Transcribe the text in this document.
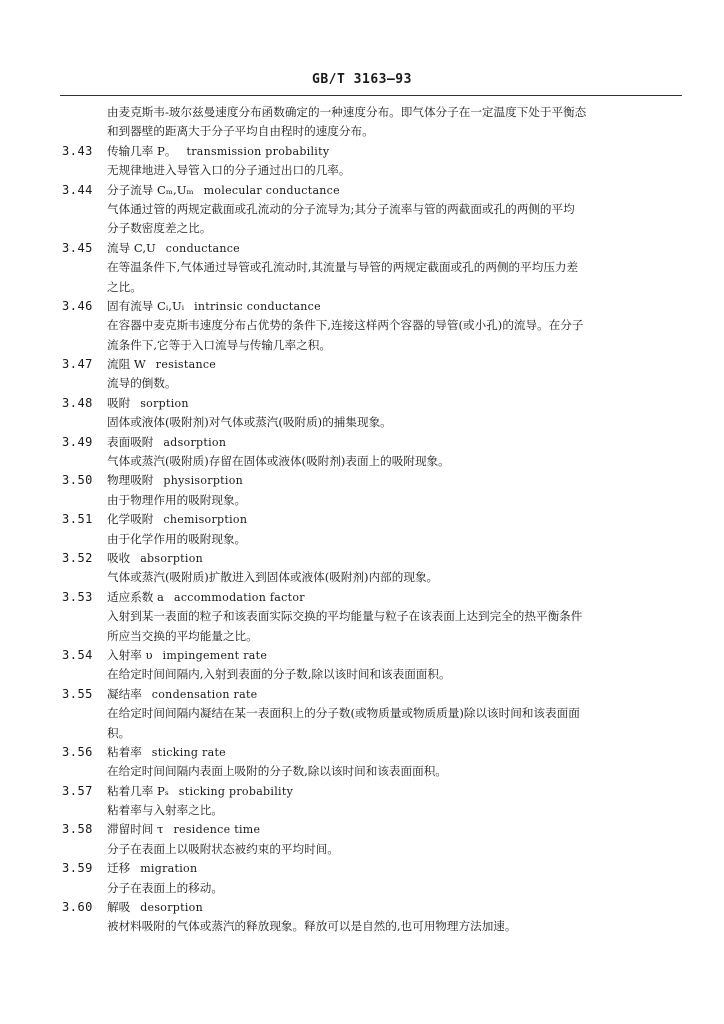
GB/T 3163—93
由麦克斯韦-玻尔兹曼速度分布函数确定的一种速度分布。即气体分子在一定温度下处于平衡态
和到器壁的距离大于分子平均自由程时的速度分布。
3.43 传输几率 P。 transmission probability
无规律地进入导管入口的分子通过出口的几率。
3.44 分子流导 Cₘ,Uₘ molecular conductance
气体通过管的两规定截面或孔流动的分子流导为;其分子流率与管的两截面或孔的两侧的平均
分子数密度差之比。
3.45 流导 C,U conductance
在等温条件下,气体通过导管或孔流动时,其流量与导管的两规定截面或孔的两侧的平均压力差
之比。
3.46 固有流导 Cᵢ,Uᵢ intrinsic conductance
在容器中麦克斯韦速度分布占优势的条件下,连接这样两个容器的导管(或小孔)的流导。在分子
流条件下,它等于入口流导与传输几率之积。
3.47 流阻 W resistance
流导的倒数。
3.48 吸附 sorption
固体或液体(吸附剂)对气体或蒸汽(吸附质)的捕集现象。
3.49 表面吸附 adsorption
气体或蒸汽(吸附质)存留在固体或液体(吸附剂)表面上的吸附现象。
3.50 物理吸附 physisorption
由于物理作用的吸附现象。
3.51 化学吸附 chemisorption
由于化学作用的吸附现象。
3.52 吸收 absorption
气体或蒸汽(吸附质)扩散进入到固体或液体(吸附剂)内部的现象。
3.53 适应系数 a accommodation factor
入射到某一表面的粒子和该表面实际交换的平均能量与粒子在该表面上达到完全的热平衡条件
所应当交换的平均能量之比。
3.54 入射率 υ impingement rate
在给定时间间隔内,入射到表面的分子数,除以该时间和该表面面积。
3.55 凝结率 condensation rate
在给定时间间隔内凝结在某一表面积上的分子数(或物质量或物质质量)除以该时间和该表面面
积。
3.56 粘着率 sticking rate
在给定时间间隔内表面上吸附的分子数,除以该时间和该表面面积。
3.57 粘着几率 Pₛ sticking probability
粘着率与入射率之比。
3.58 滞留时间 τ residence time
分子在表面上以吸附状态被约束的平均时间。
3.59 迁移 migration
分子在表面上的移动。
3.60 解吸 desorption
被材料吸附的气体或蒸汽的释放现象。释放可以是自然的,也可用物理方法加速。
